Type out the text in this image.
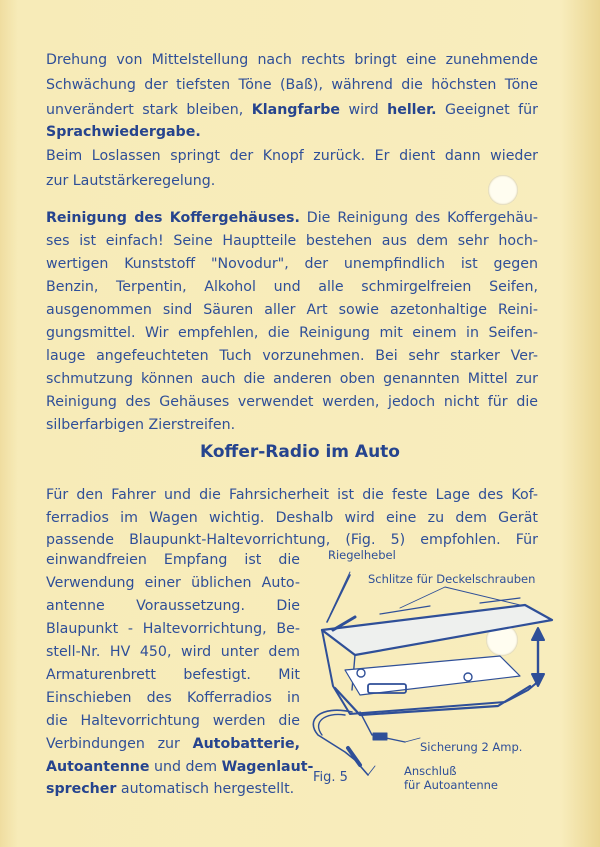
Drehung von Mittelstellung nach rechts bringt eine zunehmende
Schwächung der tiefsten Töne (Baß), während die höchsten Töne
unverändert stark bleiben, Klangfarbe wird heller. Geeignet für
Sprachwiedergabe.
Beim Loslassen springt der Knopf zurück. Er dient dann wieder
zur Lautstärkeregelung.
Reinigung des Koffergehäuses. Die Reinigung des Koffergehäu-
ses ist einfach! Seine Hauptteile bestehen aus dem sehr hoch-
wertigen Kunststoff "Novodur", der unempfindlich ist gegen
Benzin, Terpentin, Alkohol und alle schmirgelfreien Seifen,
ausgenommen sind Säuren aller Art sowie azetonhaltige Reini-
gungsmittel. Wir empfehlen, die Reinigung mit einem in Seifen-
lauge angefeuchteten Tuch vorzunehmen. Bei sehr starker Ver-
schmutzung können auch die anderen oben genannten Mittel zur
Reinigung des Gehäuses verwendet werden, jedoch nicht für die
silberfarbigen Zierstreifen.
Für den Fahrer und die Fahrsicherheit ist die feste Lage des Kof-
ferradios im Wagen wichtig. Deshalb wird eine zu dem Gerät
passende Blaupunkt-Haltevorrichtung, (Fig. 5) empfohlen. Für
einwandfreien Empfang ist die
Verwendung einer üblichen Auto-
antenne Voraussetzung. Die
Blaupunkt - Haltevorrichtung, Be-
stell-Nr. HV 450, wird unter dem
Armaturenbrett befestigt. Mit
Einschieben des Kofferradios in
die Haltevorrichtung werden die
Verbindungen zur Autobatterie,
Autoantenne und dem Wagenlaut-
sprecher automatisch hergestellt.
Koffer-Radio im Auto
Riegelhebel
Schlitze für Deckelschrauben
Sicherung 2 Amp.
Anschluß
für Autoantenne
Fig. 5
